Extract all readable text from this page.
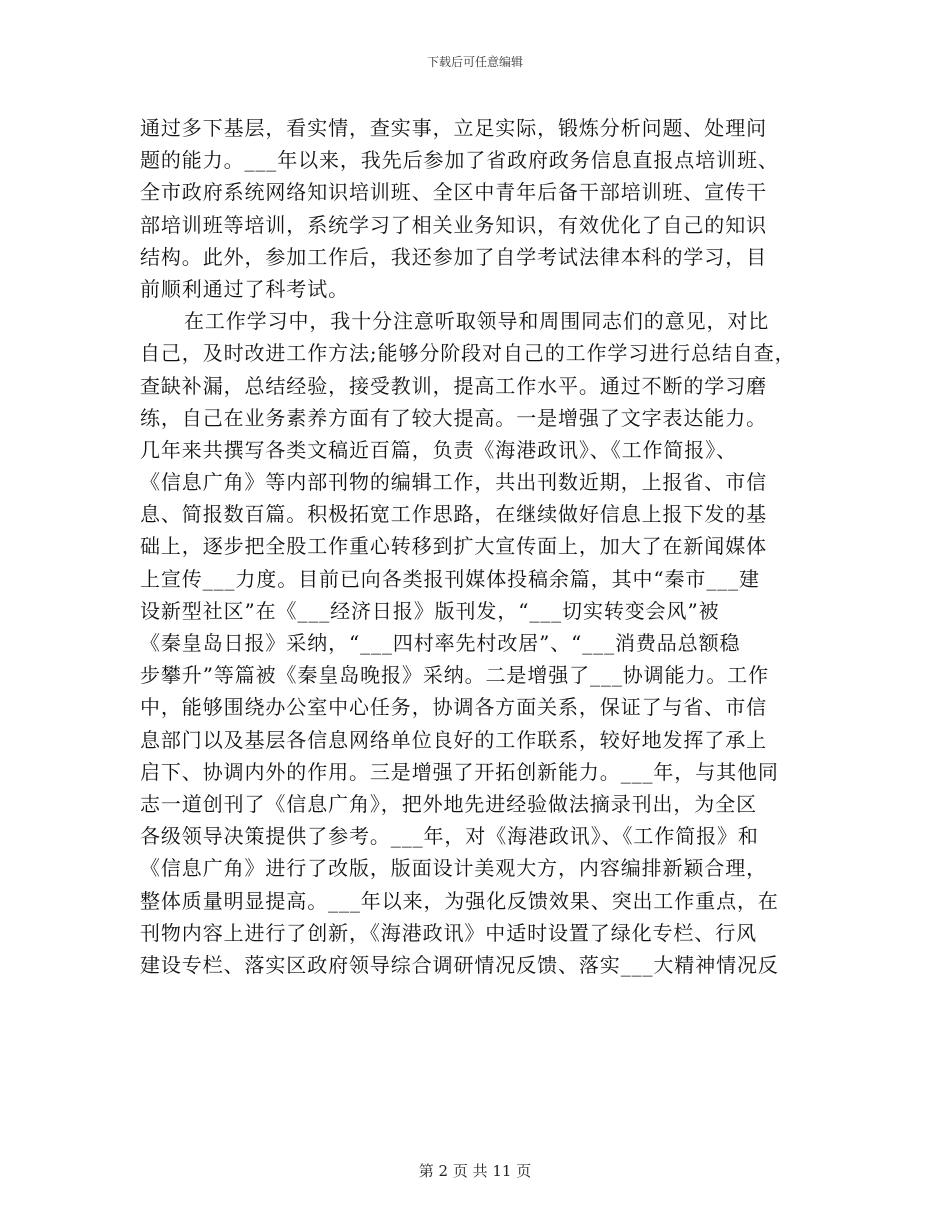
下载后可任意编辑
通过多下基层，看实情，查实事，立足实际，锻炼分析问题、处理问
题的能力。___年以来，我先后参加了省政府政务信息直报点培训班、
全市政府系统网络知识培训班、全区中青年后备干部培训班、宣传干
部培训班等培训，系统学习了相关业务知识，有效优化了自己的知识
结构。此外，参加工作后，我还参加了自学考试法律本科的学习，目
前顺利通过了科考试。
在工作学习中，我十分注意听取领导和周围同志们的意见，对比
自己，及时改进工作方法;能够分阶段对自己的工作学习进行总结自查，
查缺补漏，总结经验，接受教训，提高工作水平。通过不断的学习磨
练，自己在业务素养方面有了较大提高。一是增强了文字表达能力。
几年来共撰写各类文稿近百篇，负责《海港政讯》、《工作简报》、
《信息广角》等内部刊物的编辑工作，共出刊数近期，上报省、市信
息、简报数百篇。积极拓宽工作思路，在继续做好信息上报下发的基
础上，逐步把全股工作重心转移到扩大宣传面上，加大了在新闻媒体
上宣传___力度。目前已向各类报刊媒体投稿余篇，其中“秦市___建
设新型社区”在《___经济日报》版刊发，“___切实转变会风”被
《秦皇岛日报》采纳，“___四村率先村改居”、“___消费品总额稳
步攀升”等篇被《秦皇岛晚报》采纳。二是增强了___协调能力。工作
中，能够围绕办公室中心任务，协调各方面关系，保证了与省、市信
息部门以及基层各信息网络单位良好的工作联系，较好地发挥了承上
启下、协调内外的作用。三是增强了开拓创新能力。___年，与其他同
志一道创刊了《信息广角》，把外地先进经验做法摘录刊出，为全区
各级领导决策提供了参考。___年，对《海港政讯》、《工作简报》和
《信息广角》进行了改版，版面设计美观大方，内容编排新颖合理，
整体质量明显提高。___年以来，为强化反馈效果、突出工作重点，在
刊物内容上进行了创新，《海港政讯》中适时设置了绿化专栏、行风
建设专栏、落实区政府领导综合调研情况反馈、落实___大精神情况反
第 2 页 共 11 页
